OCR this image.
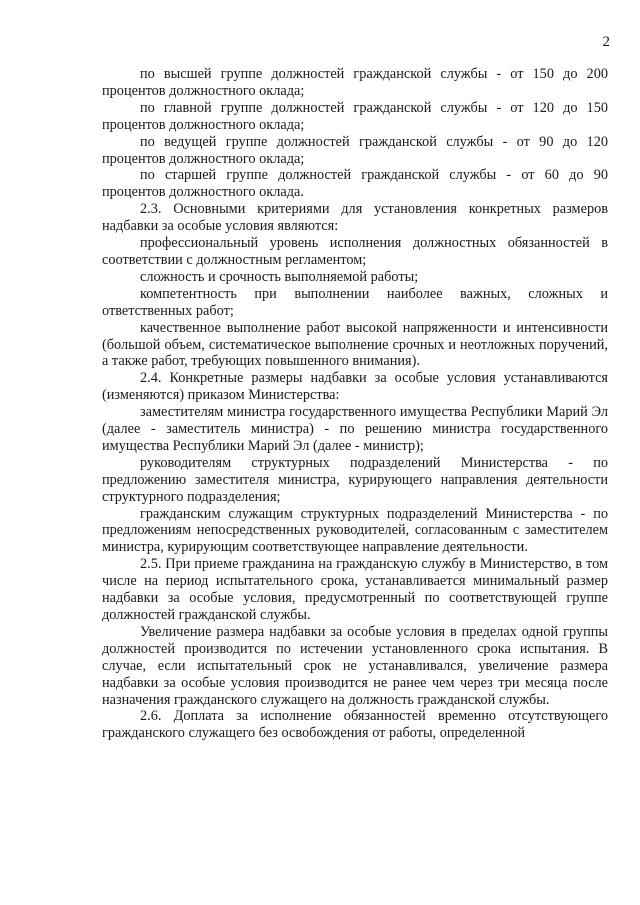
2

по высшей группе должностей гражданской службы - от 150 до 200 процентов должностного оклада;

по главной группе должностей гражданской службы - от 120 до 150 процентов должностного оклада;

по ведущей группе должностей гражданской службы - от 90 до 120 процентов должностного оклада;

по старшей группе должностей гражданской службы - от 60 до 90 процентов должностного оклада.

2.3. Основными критериями для установления конкретных размеров надбавки за особые условия являются:

профессиональный уровень исполнения должностных обязанностей в соответствии с должностным регламентом;

сложность и срочность выполняемой работы;

компетентность при выполнении наиболее важных, сложных и ответственных работ;

качественное выполнение работ высокой напряженности и интенсивности (большой объем, систематическое выполнение срочных и неотложных поручений, а также работ, требующих повышенного внимания).

2.4. Конкретные размеры надбавки за особые условия устанавливаются (изменяются) приказом Министерства:

заместителям министра государственного имущества Республики Марий Эл (далее - заместитель министра) - по решению министра государственного имущества Республики Марий Эл (далее - министр);

руководителям структурных подразделений Министерства - по предложению заместителя министра, курирующего направления деятельности структурного подразделения;

гражданским служащим структурных подразделений Министерства - по предложениям непосредственных руководителей, согласованным с заместителем министра, курирующим соответствующее направление деятельности.

2.5. При приеме гражданина на гражданскую службу в Министерство, в том числе на период испытательного срока, устанавливается минимальный размер надбавки за особые условия, предусмотренный по соответствующей группе должностей гражданской службы.

Увеличение размера надбавки за особые условия в пределах одной группы должностей производится по истечении установленного срока испытания. В случае, если испытательный срок не устанавливался, увеличение размера надбавки за особые условия производится не ранее чем через три месяца после назначения гражданского служащего на должность гражданской службы.

2.6. Доплата за исполнение обязанностей временно отсутствующего гражданского служащего без освобождения от работы, определенной
